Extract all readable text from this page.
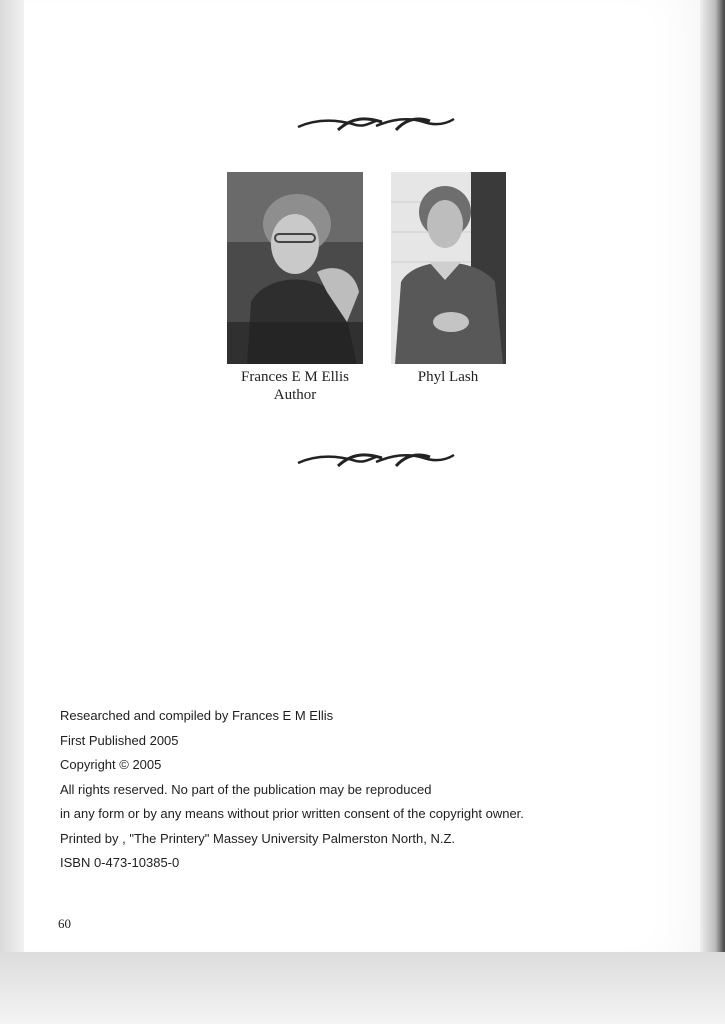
Frances E M Ellis
Author
Phyl Lash
Researched and compiled by Frances E M Ellis
First Published 2005
Copyright © 2005
All rights reserved. No part of the publication may be reproduced
in any form or by any means without prior written consent of the copyright owner.
Printed by , "The Printery" Massey University Palmerston North, N.Z.
ISBN 0-473-10385-0
60
